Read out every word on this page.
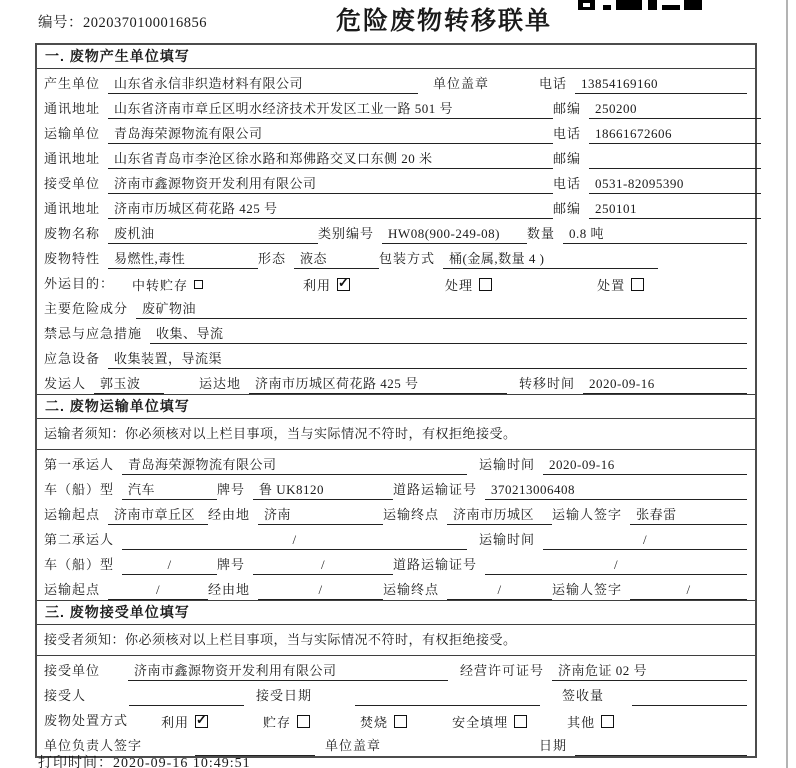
编号：2020370100016856	危险废物转移联单
一. 废物产生单位填写
产生单位	山东省永信非织造材料有限公司	单位盖章	电话	13854169160
通讯地址	山东省济南市章丘区明水经济技术开发区工业一路 501 号	邮编	250200
运输单位	青岛海荣源物流有限公司	电话	18661672606
通讯地址	山东省青岛市李沧区徐水路和郑佛路交叉口东侧 20 米	邮编
接受单位	济南市鑫源物资开发利用有限公司	电话	0531-82095390
通讯地址	济南市历城区荷花路 425 号	邮编	250101
废物名称	废机油	类别编号	HW08(900-249-08)	数量	0.8 吨
废物特性	易燃性,毒性	形态	液态	包装方式	桶(金属,数量 4 )
外运目的： 中转贮存	利用 ✓	处理	处置
主要危险成分	废矿物油
禁忌与应急措施	收集、导流
应急设备	收集装置，导流渠
发运人	郭玉波	运达地	济南市历城区荷花路 425 号	转移时间	2020-09-16
二. 废物运输单位填写
运输者须知：你必须核对以上栏目事项，当与实际情况不符时，有权拒绝接受。
第一承运人	青岛海荣源物流有限公司	运输时间	2020-09-16
车（船）型	汽车	牌号	鲁 UK8120	道路运输证号	370213006408
运输起点	济南市章丘区 经由地	济南	运输终点	济南市历城区	运输人签字	张春雷
第二承运人	/	运输时间	/
车（船）型	/	牌号	/	道路运输证号	/
运输起点	/	经由地	/	运输终点	/	运输人签字	/
三. 废物接受单位填写
接受者须知：你必须核对以上栏目事项，当与实际情况不符时，有权拒绝接受。
接受单位	济南市鑫源物资开发利用有限公司	经营许可证号	济南危证 02 号
接受人	接受日期	签收量
废物处置方式	利用 ✓	贮存	焚烧	安全填埋	其他
单位负责人签字	单位盖章	日期
打印时间：2020-09-16 10:49:51
